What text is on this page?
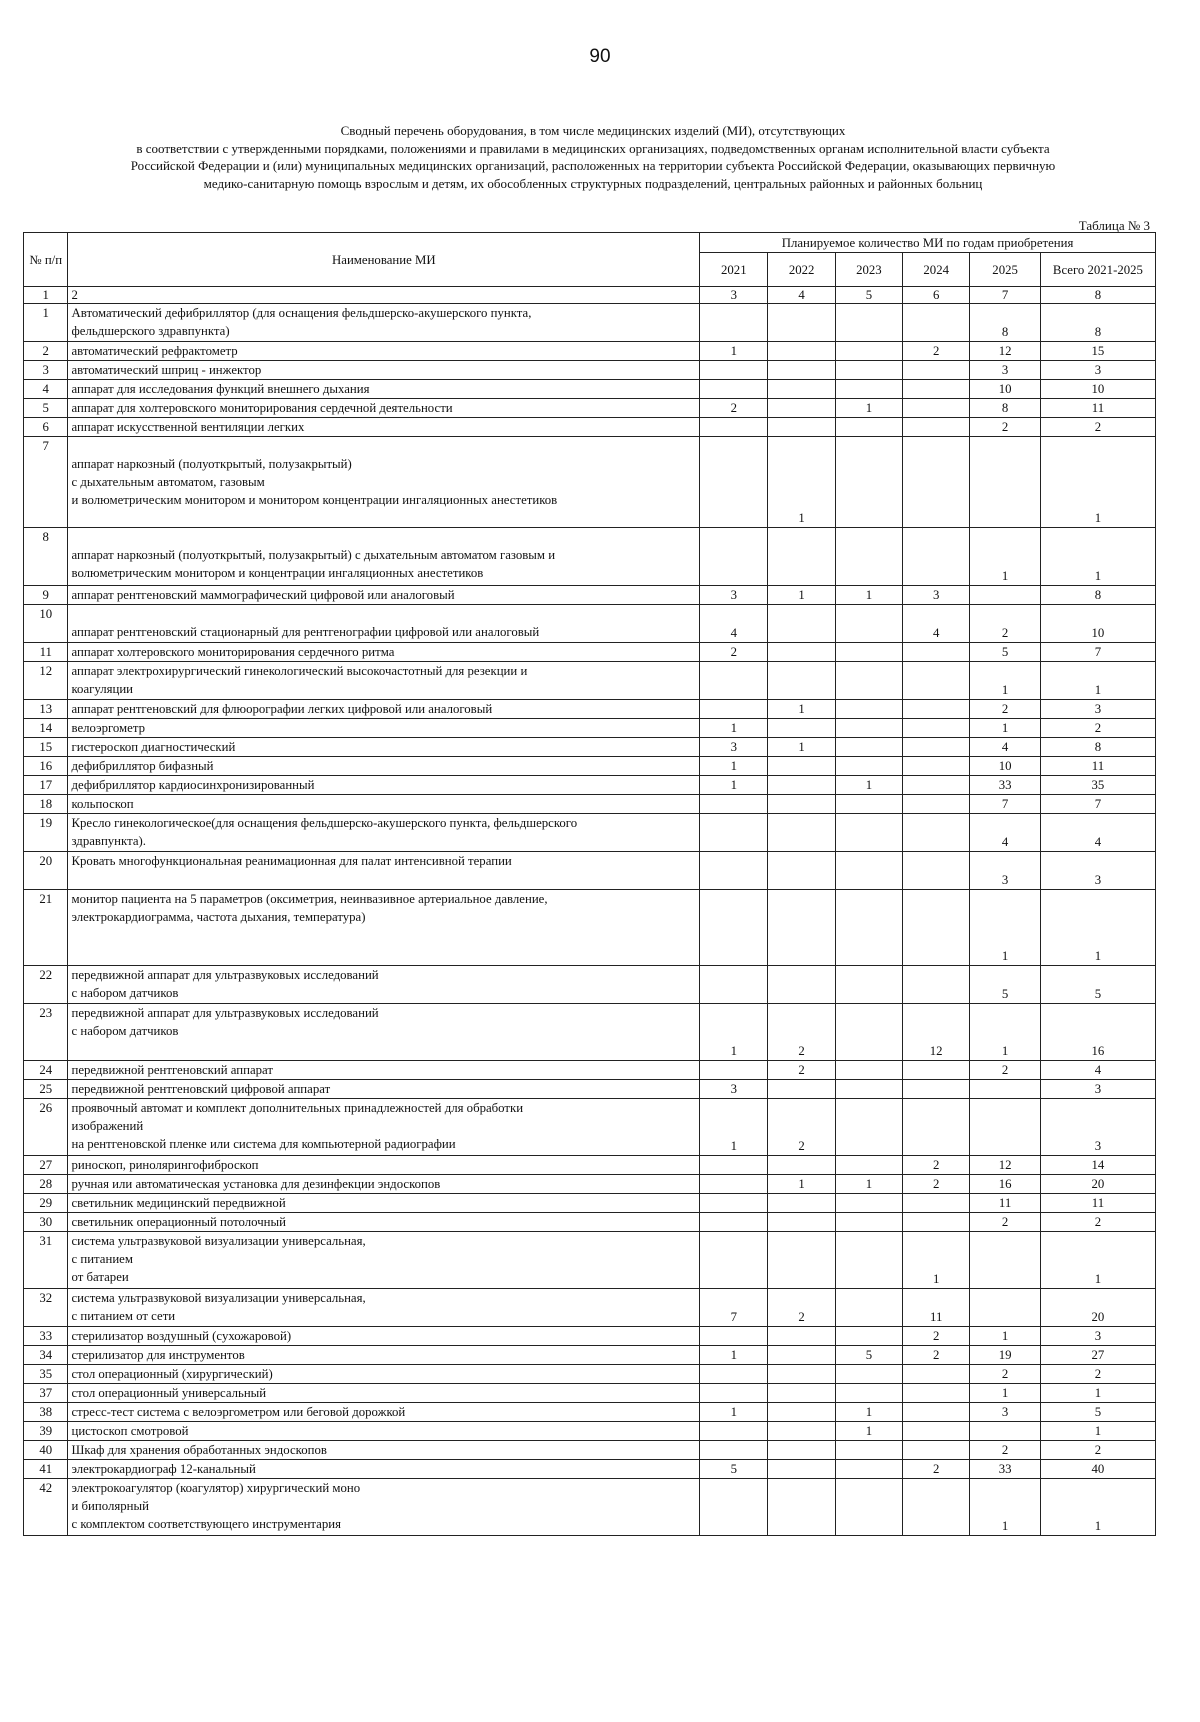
90
Сводный перечень оборудования, в том числе медицинских изделий (МИ), отсутствующих
в соответствии с утвержденными порядками, положениями и правилами в медицинских организациях, подведомственных органам исполнительной власти субъекта
Российской Федерации и (или) муниципальных медицинских организаций, расположенных на территории субъекта Российской Федерации, оказывающих первичную
медико-санитарную помощь взрослым и детям, их обособленных структурных подразделений, центральных районных и районных больниц
Таблица № 3
№ п/п	Наименование МИ	Планируемое количество МИ по годам приобретения					
		2021	2022	2023	2024	2025	Всего 2021-2025
1	2	3	4	5	6	7	8
1	Автоматический дефибриллятор (для оснащения фельдшерско-акушерского пункта,
фельдшерского здравпункта)					8	8
2	автоматический рефрактометр	1			2	12	15
3	автоматический шприц - инжектор					3	3
4	аппарат для исследования функций внешнего дыхания					10	10
5	аппарат для холтеровского мониторирования сердечной деятельности	2		1		8	11
6	аппарат искусственной вентиляции легких					2	2
7	аппарат наркозный (полуоткрытый, полузакрытый)
с дыхательным автоматом, газовым
и волюметрическим монитором и монитором концентрации ингаляционных анестетиков		1				1
8	аппарат наркозный (полуоткрытый, полузакрытый) с дыхательным автоматом газовым и
волюметрическим монитором и концентрации ингаляционных анестетиков					1	1
9	аппарат рентгеновский маммографический цифровой или аналоговый	3	1	1	3		8
10	аппарат рентгеновский стационарный для рентгенографии цифровой или аналоговый	4			4	2	10
11	аппарат холтеровского мониторирования сердечного ритма	2				5	7
12	аппарат электрохирургический гинекологический высокочастотный для резекции и
коагуляции					1	1
13	аппарат рентгеновский для флюорографии легких цифровой или аналоговый		1			2	3
14	велоэргометр	1				1	2
15	гистероскоп диагностический	3	1			4	8
16	дефибриллятор бифазный	1				10	11
17	дефибриллятор кардиосинхронизированный	1		1		33	35
18	кольпоскоп					7	7
19	Кресло гинекологическое(для оснащения фельдшерско-акушерского пункта, фельдшерского
здравпункта).					4	4
20	Кровать многофункциональная реанимационная для палат интенсивной терапии					3	3
21	монитор пациента на 5 параметров (оксиметрия, неинвазивное артериальное давление,
электрокардиограмма, частота дыхания, температура)					1	1
22	передвижной аппарат для ультразвуковых исследований
с набором датчиков					5	5
23	передвижной аппарат для ультразвуковых исследований
с набором датчиков	1	2		12	1	16
24	передвижной рентгеновский аппарат		2			2	4
25	передвижной рентгеновский цифровой аппарат	3					3
26	проявочный автомат и комплект дополнительных принадлежностей для обработки
изображений
на рентгеновской пленке или система для компьютерной радиографии	1	2				3
27	риноскоп, ринолярингофиброскоп				2	12	14
28	ручная или автоматическая установка для дезинфекции эндоскопов		1	1	2	16	20
29	светильник медицинский передвижной					11	11
30	светильник операционный потолочный					2	2
31	система ультразвуковой визуализации универсальная,
с питанием
от батареи				1		1
32	система ультразвуковой визуализации универсальная,
с питанием от сети	7	2		11		20
33	стерилизатор воздушный (сухожаровой)				2	1	3
34	стерилизатор для инструментов	1		5	2	19	27
35	стол операционный (хирургический)					2	2
37	стол операционный универсальный					1	1
38	стресс-тест система с велоэргометром или беговой дорожкой	1		1		3	5
39	цистоскоп смотровой			1			1
40	Шкаф для хранения обработанных эндоскопов					2	2
41	электрокардиограф 12-канальный	5			2	33	40
42	электрокоагулятор (коагулятор) хирургический моно
и биполярный
с комплектом соответствующего инструментария					1	1
